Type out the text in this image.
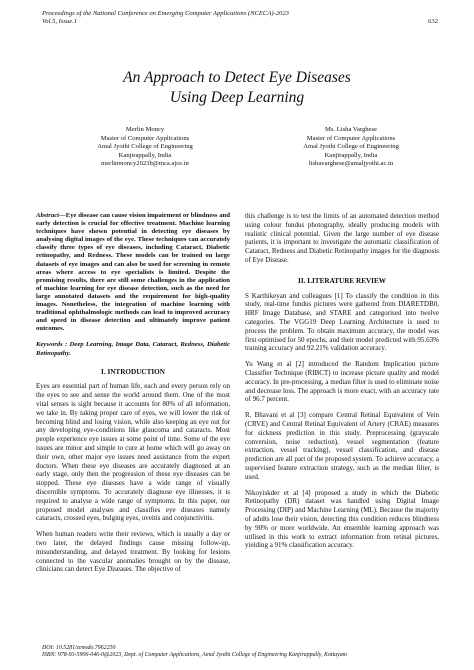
Proceedings of the National Conference on Emerging Computer Applications (NCECA)-2023
Vol.5, Issue.1	632
An Approach to Detect Eye Diseases
Using Deep Learning
Merlin Moncy
Master of Computer Applications
Amal Jyothi College of Engineering
Kanjirappally, India
merlinmoncy2023b@mca.ajce.in
Ms. Lisha Varghese
Master of Computer Applications
Amal Jyothi College of Engineering
Kanjirappally, India
lishavarghese@amaljyothi.ac.in
Abstract—Eye disease can cause vision impairment or blindness and early detection is crucial for effective treatment. Machine learning techniques have shown potential in detecting eye diseases by analysing digital images of the eye. These techniques can accurately classify three types of eye diseases, including Cataract, Diabetic retinopathy, and Redness. These models can be trained on large datasets of eye images and can also be used for screening in remote areas where access to eye specialists is limited. Despite the promising results, there are still some challenges in the application of machine learning for eye disease detection, such as the need for large annotated datasets and the requirement for high-quality images. Nonetheless, the integration of machine learning with traditional ophthalmologic methods can lead to improved accuracy and speed in disease detection and ultimately improve patient outcomes.
Keywords : Deep Learning, Image Data, Cataract, Redness, Diabetic Retinopathy.
I. INTRODUCTION

Eyes are essential part of human life, each and every person rely on the eyes to see and sense the world around them. One of the most vital senses is sight because it accounts for 80% of all information, we take in. By taking proper care of eyes, we will lower the risk of becoming blind and losing vision, while also keeping an eye out for any developing eye-conditions like glaucoma and cataracts. Most people experience eye issues at some point of time. Some of the eye issues are minor and simple to cure at home which will go away on their own, other major eye issues need assistance from the expert doctors. When these eye diseases are accurately diagnosed at an early stage, only then the progression of these eye diseases can be stopped. These eye diseases have a wide range of visually discernible symptoms. To accurately diagnose eye illnesses, it is required to analyse a wide range of symptoms. In this paper, our proposed model analyses and classifies eye diseases namely cataracts, crossed eyes, bulging eyes, uveitis and conjunctivitis.

When human readers write their reviews, which is usually a day or two later, the delayed findings cause missing follow-up, misunderstanding, and delayed treatment. By looking for lesions connected to the vascular anomalies brought on by the disease, clinicians can detect Eye Diseases. The objective of

this challenge is to test the limits of an automated detection method using colour fundus photography, ideally producing models with realistic clinical potential. Given the large number of eye disease patients, it is important to investigate the automatic classification of Cataract, Redness and Diabetic Retinopathy images for the diagnosis of Eye Disease.

II. LITERATURE REVIEW

S Karthikeyan and colleagues [1] To classify the condition in this study, real-time fundus pictures were gathered from DIARETDB0, HRF Image Database, and STARE and categorised into twelve categories. The VGG19 Deep Learning Architecture is used to process the problem. To obtain maximum accuracy, the model was first optimised for 50 epochs, and their model predicted with 95.63% training accuracy and 92.21% validation accuracy.

Yu Wang et al [2] introduced the Random Implication picture Classifier Technique (RIBCT) to increase picture quality and model accuracy. In pre-processing, a median filter is used to eliminate noise and decrease loss. The approach is more exact, with an accuracy rate of 96.7 percent.

R. Bhavani et al [3] compare Central Retinal Equivalent of Vein (CRVE) and Central Retinal Equivalent of Artery (CRAE) measures for sickness prediction in this study. Preprocessing (grayscale conversion, noise reduction), vessel segmentation (feature extraction, vessel tracking), vessel classification, and disease prediction are all part of the proposed system. To achieve accuracy, a supervised feature extraction strategy, such as the median filter, is used.

Nikoyiskder et al [4] proposed a study in which the Diabetic Retinopathy (DR) dataset was handled using Digital Image Processing (DIP) and Machine Learning (ML). Because the majority of adults lose their vision, detecting this condition reduces blindness by 90% or more worldwide. An ensemble learning approach was utilised in this work to extract information from retinal pictures, yielding a 91% classification accuracy.

DOI: 10.5281/zenodo.7962250
ISBN: 978-93-5906-046-0@2023, Dept. of Computer Applications, Amal Jyothi College of Engineering Kanjirappally, Kottayam
